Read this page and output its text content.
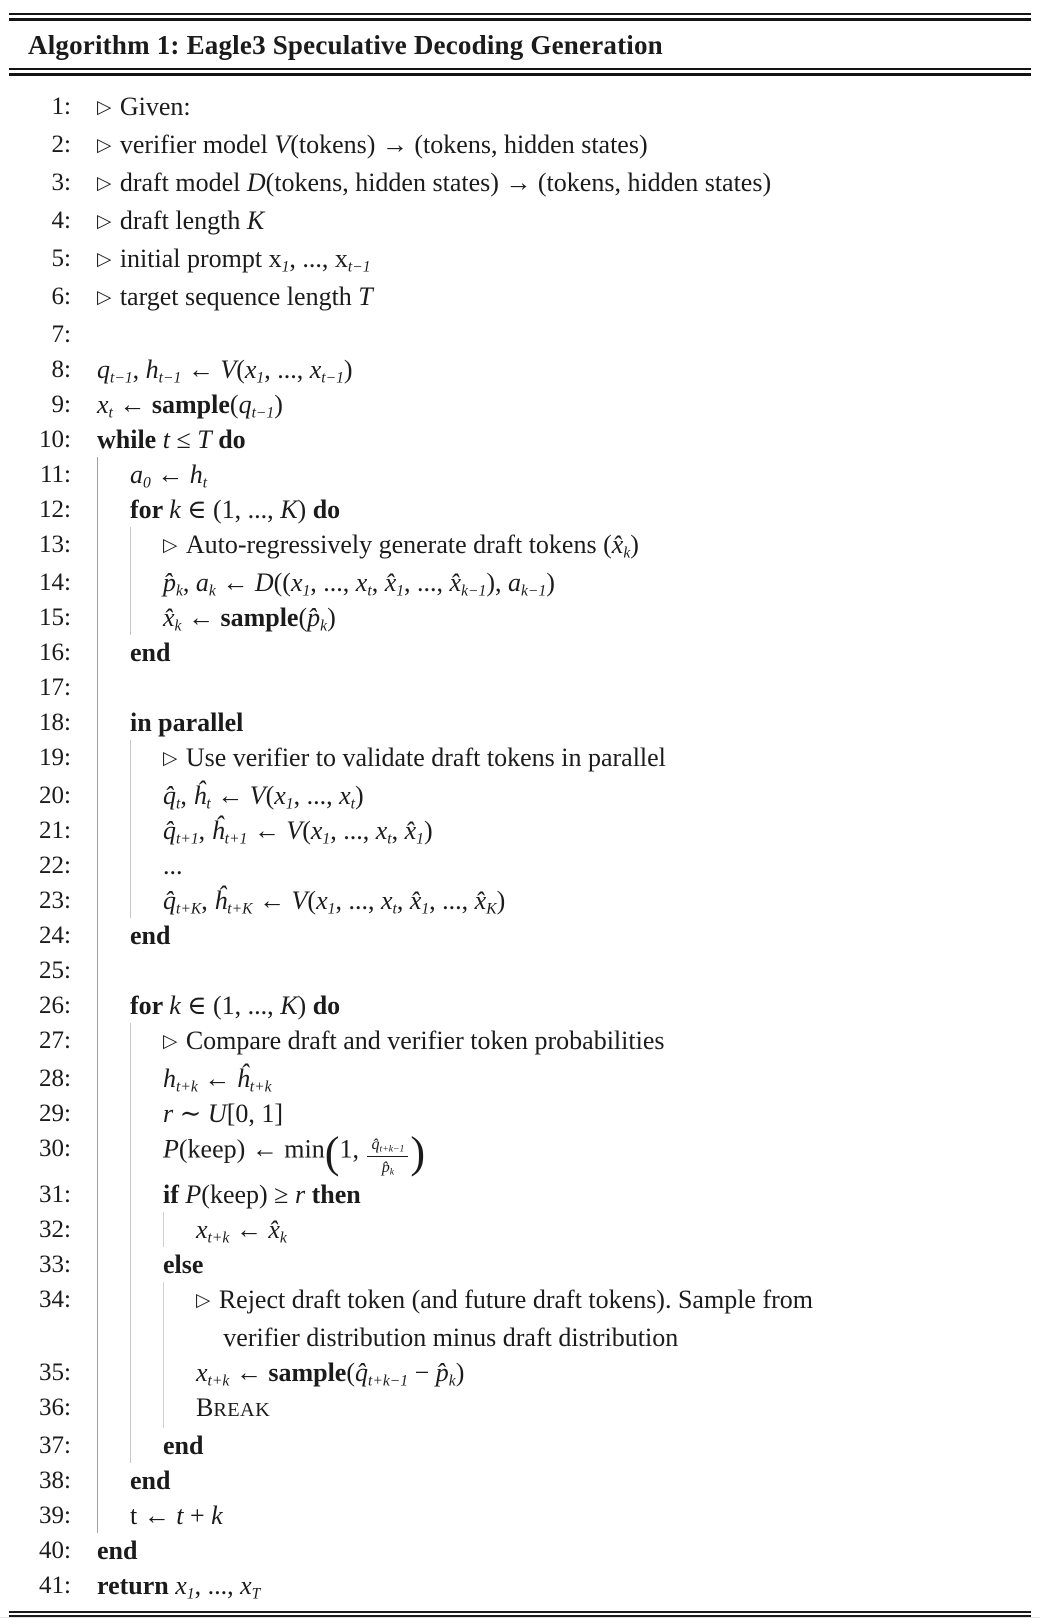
Algorithm 1: Eagle3 Speculative Decoding Generation
1: ▷ Given:
2: ▷ verifier model V(tokens) → (tokens, hidden states)
3: ▷ draft model D(tokens, hidden states) → (tokens, hidden states)
4: ▷ draft length K
5: ▷ initial prompt $x_1$, ..., $x_{t-1}$
6: ▷ target sequence length T
7:
8: $q_{t-1}$, $h_{t-1}$ ← $V(x_1$, ..., $x_{t-1}$)
9: $x_t$ ← $sample(q_{t-1})$
10: while t ≤ T do
11: $a_0$ ← $h_t$
12: for k ∈ (1, ..., K) do
13:	▷ Auto-regressively generate draft tokens $(x̂_k)$
14:	$p̂_k$, $a_k$ ← $D((x_1$, ..., $x_t$, $x̂_1$, ..., $x̂_{k-1}$), $a_{k-1}$)
15:	$x̂_k$ ← $sample(p̂_k)$
16: end
17:
18: in parallel
19:	▷ Use verifier to validate draft tokens in parallel
20:	$q̂_t$, $ĥ_t$ ← $V(x_1$, ..., $x_t$)
21:	$q̂_{t+1}$, $ĥ_{t+1}$ ← $V(x_1$, ..., $x_t$, $x̂_1$)
22:	...
23:	$q̂_{t+K}$, $ĥ_{t+K}$ ← $V(x_1$, ..., $x_t$, $x̂_1$, ..., $x̂_K$)
24: end
25:
26: for k ∈ (1, ..., K) do
27:	▷ Compare draft and verifier token probabilities
28:	$h_{t+k}$ ← $ĥ_{t+k}$
29:	r ∼ U[0, 1]
30:	P(keep) ← min(1, $\frac{q̂_{t+k-1}}{p̂_k}$ )
31:	if P(keep) ≥ r then
32:	$x_{t+k}$ ← $x̂_k$
33:	else
34:	▷ Reject draft token (and future draft tokens). Sample from
verifier distribution minus draft distribution
35:	$x_{t+k}$ ← $sample(q̂_{t+k-1}$ − $p̂_k$)
36:	BREAK
37:	end
38: end
39: t ← t + k
40: end
41: return $x_1$, ..., $x_T$
